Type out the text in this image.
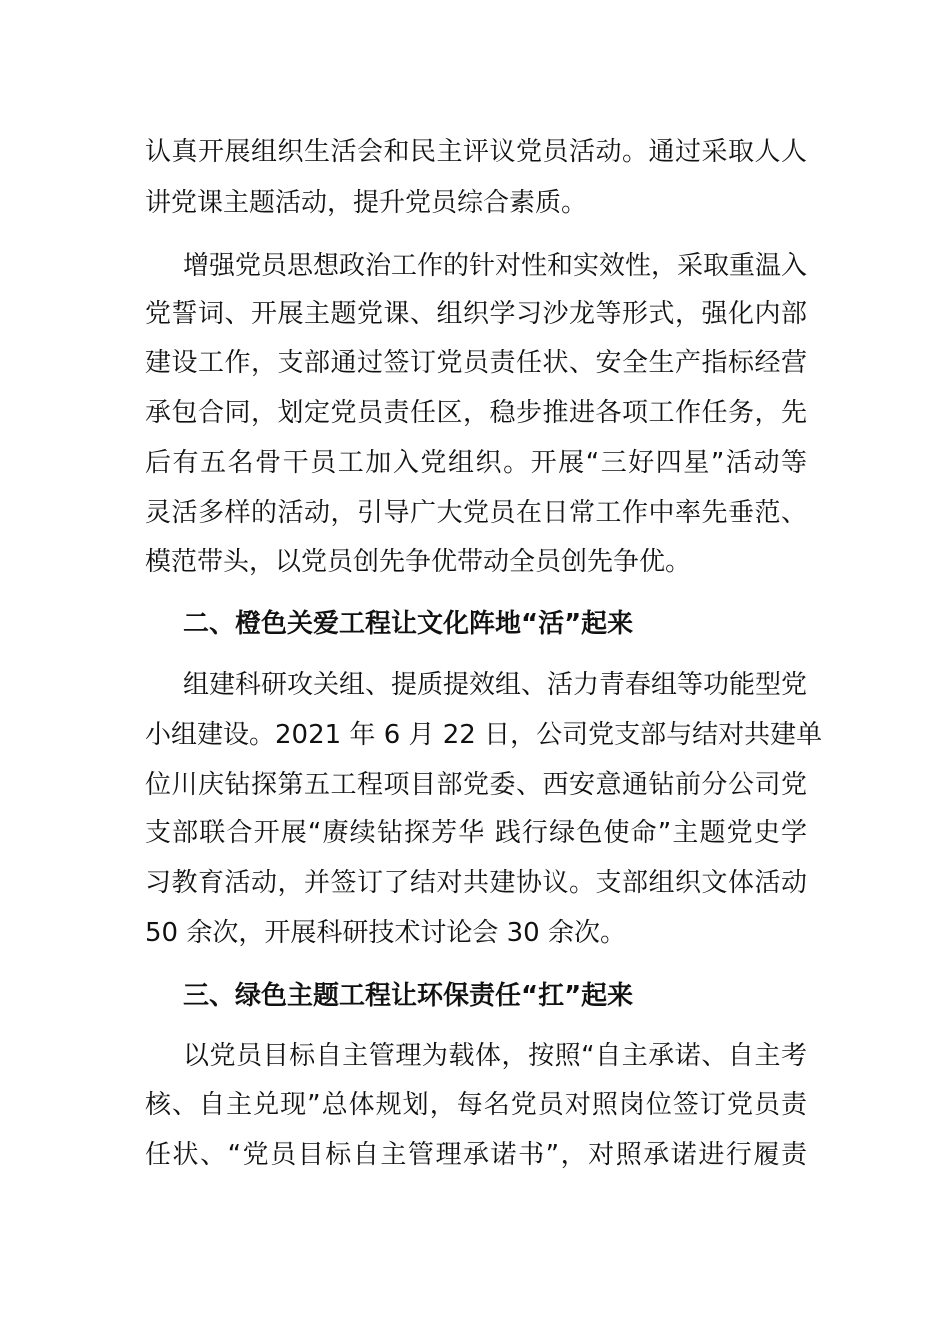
认真开展组织生活会和民主评议党员活动。通过采取人人
讲党课主题活动，提升党员综合素质。
增强党员思想政治工作的针对性和实效性，采取重温入
党誓词、开展主题党课、组织学习沙龙等形式，强化内部
建设工作，支部通过签订党员责任状、安全生产指标经营
承包合同，划定党员责任区，稳步推进各项工作任务，先
后有五名骨干员工加入党组织。开展“三好四星”活动等
灵活多样的活动，引导广大党员在日常工作中率先垂范、
模范带头，以党员创先争优带动全员创先争优。
二、橙色关爱工程让文化阵地“活”起来
组建科研攻关组、提质提效组、活力青春组等功能型党
小组建设。2021 年 6 月 22 日，公司党支部与结对共建单
位川庆钻探第五工程项目部党委、西安意通钻前分公司党
支部联合开展“赓续钻探芳华 践行绿色使命”主题党史学
习教育活动，并签订了结对共建协议。支部组织文体活动
50 余次，开展科研技术讨论会 30 余次。
三、绿色主题工程让环保责任“扛”起来
以党员目标自主管理为载体，按照“自主承诺、自主考
核、自主兑现”总体规划，每名党员对照岗位签订党员责
任状、“党员目标自主管理承诺书”，对照承诺进行履责
